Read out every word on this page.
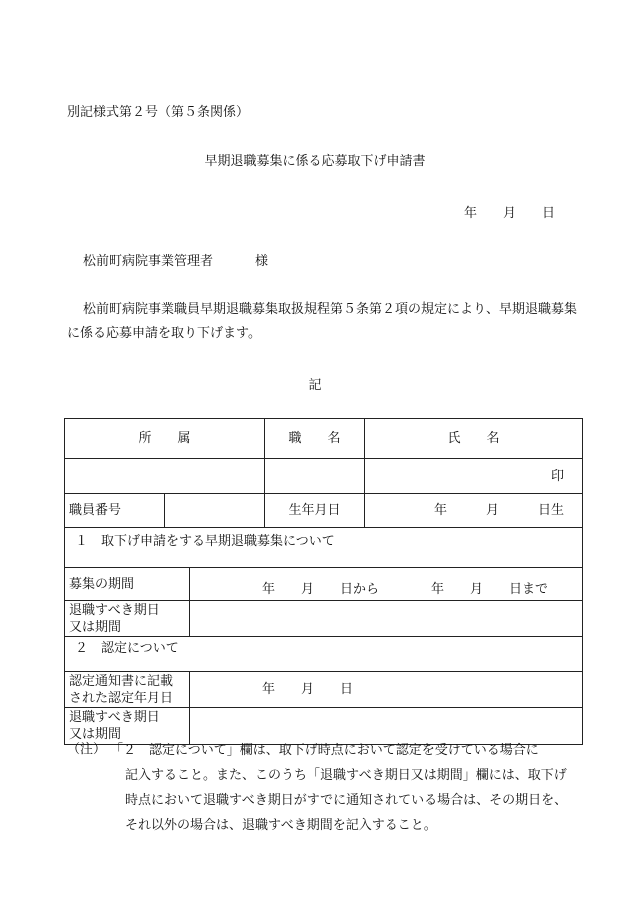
別記様式第２号（第５条関係）
早期退職募集に係る応募取下げ申請書
年 月 日
松前町病院事業管理者	様
松前町病院事業職員早期退職募集取扱規程第５条第２項の規定により、早期退職募集に係る応募申請を取り下げます。
記
所　　属			職　　名	氏　　名
				印
職員番号			生年月日	年　　　月　　　日生
１　取下げ申請をする早期退職募集について				
募集の期間		年　　月　　日から　　　　年　　月　　日まで		
退職すべき期日
又は期間				
２　認定について				
認定通知書に記載
された認定年月日		年　　月　　日		
退職すべき期日
又は期間				
（注） 「２　認定について」欄は、取下げ時点において認定を受けている場合に
記入すること。また、このうち「退職すべき期日又は期間」欄には、取下げ
時点において退職すべき期日がすでに通知されている場合は、その期日を、
それ以外の場合は、退職すべき期間を記入すること。
